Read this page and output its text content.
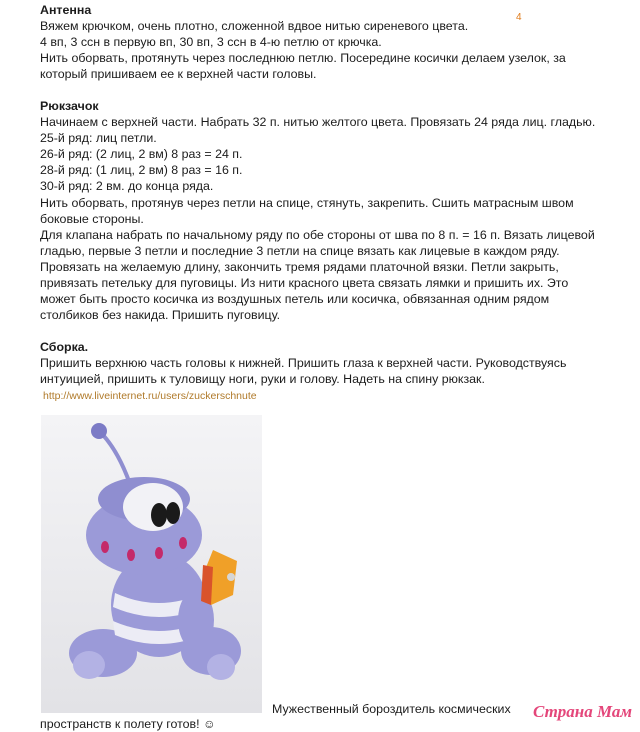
4
Антенна
Вяжем крючком, очень плотно, сложенной вдвое нитью сиреневого цвета.
4 вп, 3 ссн в первую вп, 30 вп, 3 ссн в 4-ю петлю от крючка.
Нить оборвать, протянуть через последнюю петлю. Посередине косички делаем узелок, за
который пришиваем ее к верхней части головы.
Рюкзачок
Начинаем с верхней части. Набрать 32 п. нитью желтого цвета. Провязать 24 ряда лиц. гладью.
25-й ряд: лиц петли.
26-й ряд: (2 лиц, 2 вм) 8 раз = 24 п.
28-й ряд: (1 лиц, 2 вм) 8 раз = 16 п.
30-й ряд: 2 вм. до конца ряда.
Нить оборвать, протянув через петли на спице, стянуть, закрепить. Сшить матрасным швом
боковые стороны.
Для клапана набрать по начальному ряду по обе стороны от шва по 8 п. = 16 п. Вязать лицевой
гладью, первые 3 петли и последние 3 петли на спице вязать как лицевые в каждом ряду.
Провязать на желаемую длину, закончить тремя рядами платочной вязки. Петли закрыть,
привязать петельку для пуговицы. Из нити красного цвета связать лямки и пришить их. Это
может быть просто косичка из воздушных петель или косичка, обвязанная одним рядом
столбиков без накида. Пришить пуговицу.
Сборка.
Пришить верхнюю часть головы к нижней. Пришить глаза к верхней части. Руководствуясь
интуицией, пришить к туловищу ноги, руки и голову. Надеть на спину рюкзак.
http://www.liveinternet.ru/users/zuckerschnute
Мужественный бороздитель космических
пространств к полету готов! ☺
Страна Мам
